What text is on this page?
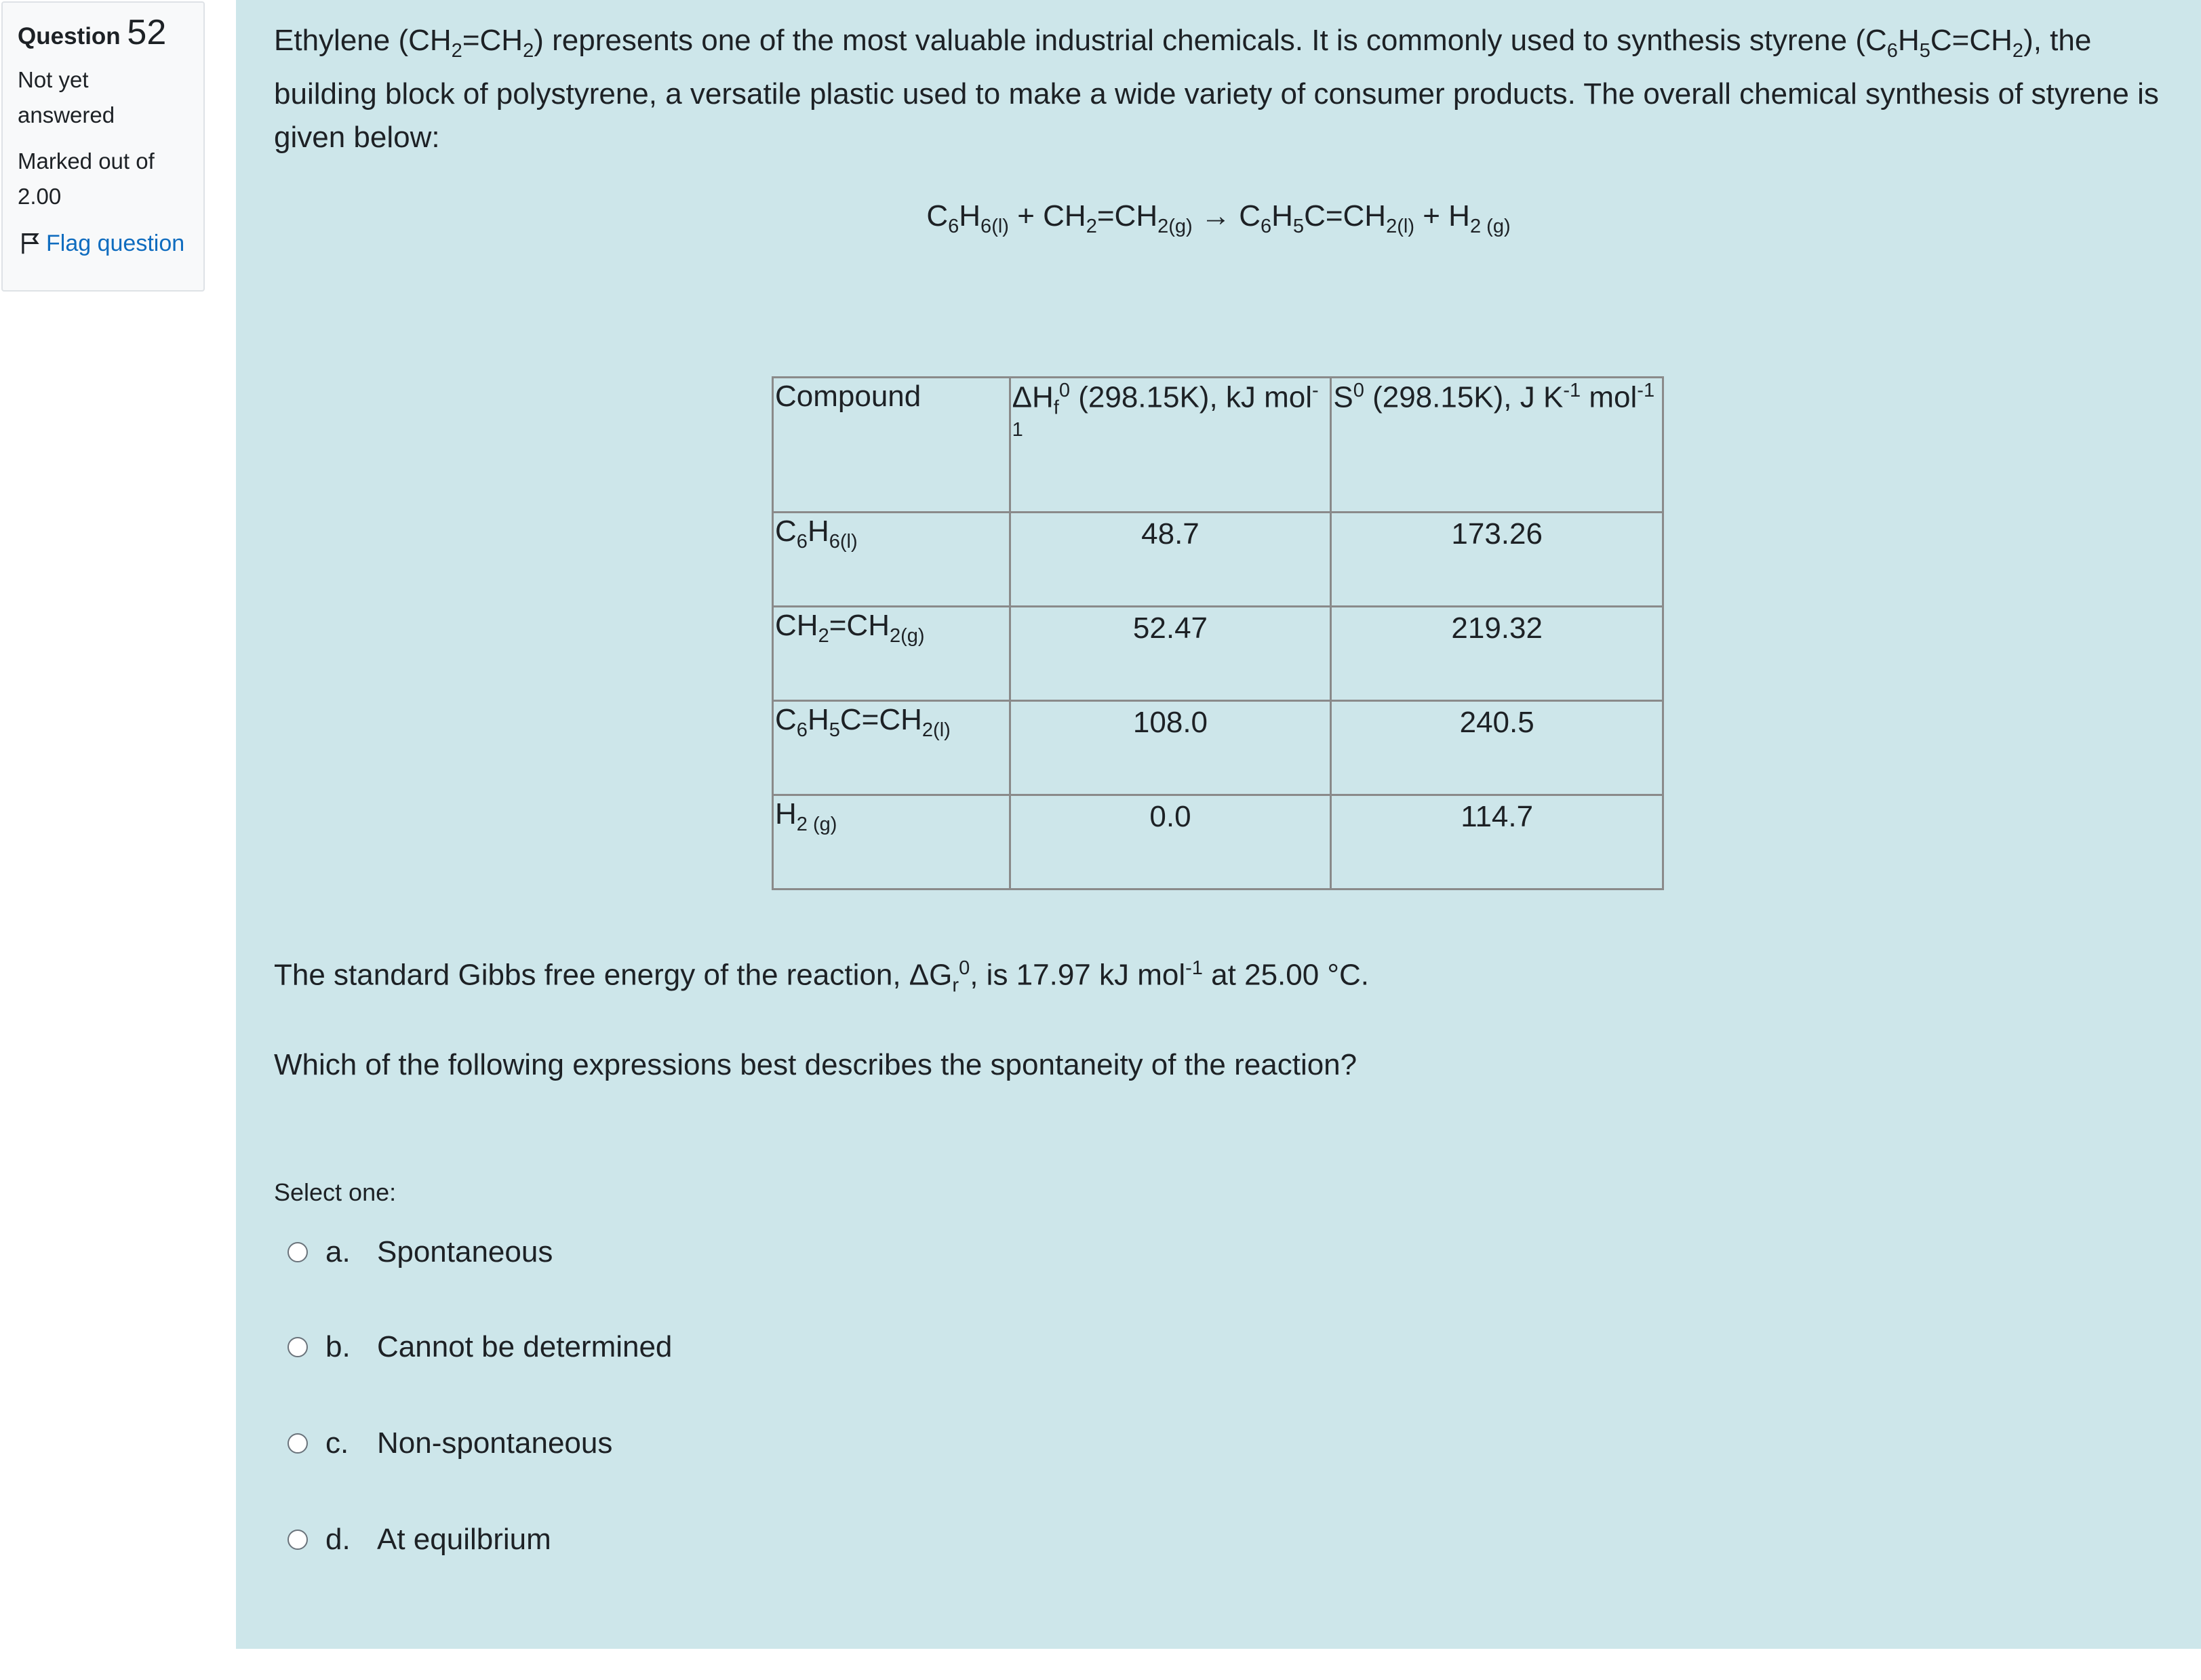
Question 52
Not yet answered
Marked out of 2.00
Flag question

Ethylene $(CH_2=CH_2)$ represents one of the most valuable industrial chemicals. It is commonly used to synthesis styrene $(C_6H_5C=CH_2)$, the building block of polystyrene, a versatile plastic used to make a wide variety of consumer products. The overall chemical synthesis of styrene is given below:

$C_6H_{6(l)} + CH_2=CH_{2(g)} \to C_6H_5C=CH_{2(l)} + H_{2 (g)}$
Compound	$\Delta H_f^0$ (298.15K), kJ mol$^{-1}$	$S^0$ (298.15K), J $K^{-1}$ mol$^{-1}$
$C_6H_{6(l)}$	48.7	173.26
$CH_2=CH_{2(g)}$	52.47	219.32
$C_6H_5C=CH_{2(l)}$	108.0	240.5
$H_{2 (g)}$	0.0	114.7

The standard Gibbs free energy of the reaction, $\Delta G_r^0$, is 17.97 kJ mol$^{-1}$ at 25.00 °C.

Which of the following expressions best describes the spontaneity of the reaction?

Select one:
a. Spontaneous
b. Cannot be determined
c. Non-spontaneous
d. At equilbrium
